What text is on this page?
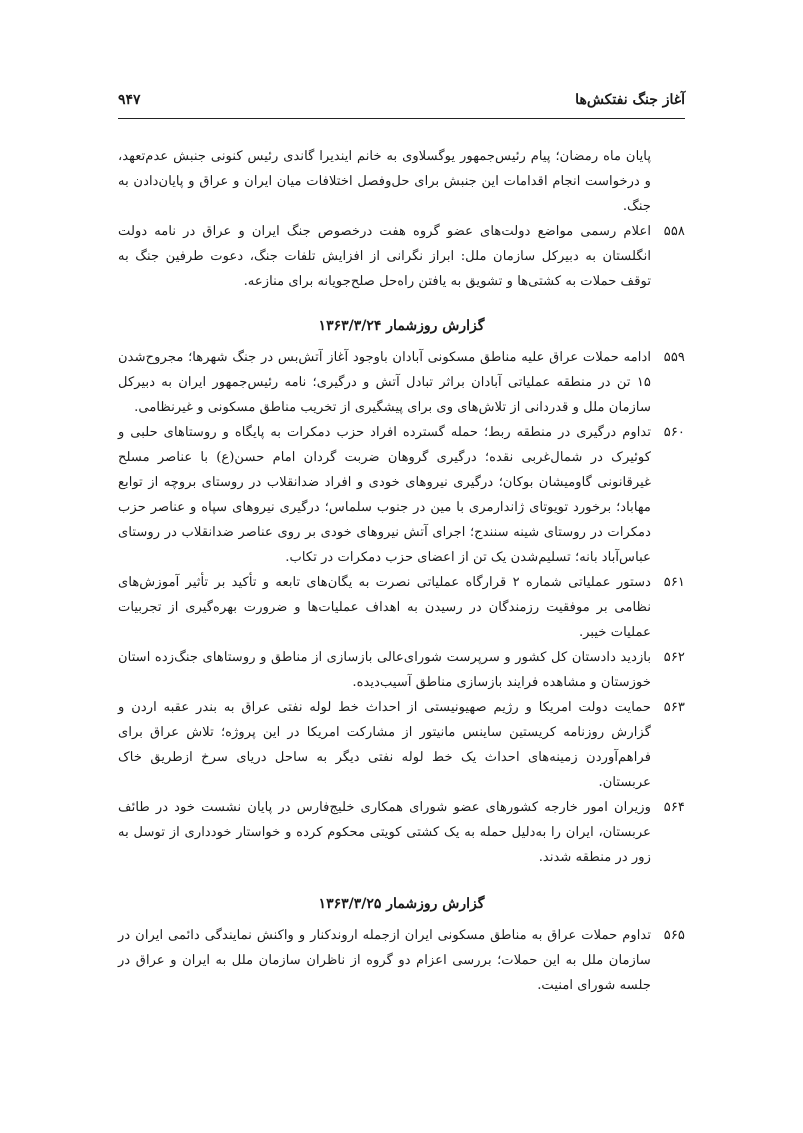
آغاز جنگ نفتکش‌ها
۹۴۷

پایان ماه رمضان؛ پیام رئیس‌جمهور یوگسلاوی به خانم ایندیرا گاندی رئیس کنونی جنبش عدم‌تعهد، و درخواست انجام اقدامات این جنبش برای حل‌وفصل اختلافات میان ایران و عراق و پایان‌دادن به جنگ.

۵۵۸
اعلام رسمی مواضع دولت‌های عضو گروه هفت درخصوص جنگ ایران و عراق در نامه دولت انگلستان به دبیرکل سازمان ملل: ابراز نگرانی از افزایش تلفات جنگ، دعوت طرفین جنگ به توقف حملات به کشتی‌ها و تشویق به یافتن راه‌حل صلح‌جویانه برای منازعه.

گزارش روزشمار ۱۳۶۳/۳/۲۴

۵۵۹
ادامه حملات عراق علیه مناطق مسکونی آبادان باوجود آغاز آتش‌بس در جنگ شهرها؛ مجروح‌شدن ۱۵ تن در منطقه عملیاتی آبادان براثر تبادل آتش و درگیری؛ نامه رئیس‌جمهور ایران به دبیرکل سازمان ملل و قدردانی از تلاش‌های وی برای پیشگیری از تخریب مناطق مسکونی و غیرنظامی.

۵۶۰
تداوم درگیری در منطقه ربط؛ حمله گسترده افراد حزب دمکرات به پایگاه و روستاهای حلبی و کوئیرک در شمال‌غربی نقده؛ درگیری گروهان ضربت گردان امام حسن(ع) با عناصر مسلح غیرقانونی گاومیشان بوکان؛ درگیری نیروهای خودی و افراد ضدانقلاب در روستای بروچه از توابع مهاباد؛ برخورد تویوتای ژاندارمری با مین در جنوب سلماس؛ درگیری نیروهای سپاه و عناصر حزب دمکرات در روستای شینه سنندج؛ اجرای آتش نیروهای خودی بر روی عناصر ضدانقلاب در روستای عباس‌آباد بانه؛ تسلیم‌شدن یک تن از اعضای حزب دمکرات در تکاب.

۵۶۱
دستور عملیاتی شماره ۲ قرارگاه عملیاتی نصرت به یگان‌های تابعه و تأکید بر تأثیر آموزش‌های نظامی بر موفقیت رزمندگان در رسیدن به اهداف عملیات‌ها و ضرورت بهره‌گیری از تجربیات عملیات خیبر.

۵۶۲
بازدید دادستان کل کشور و سرپرست شورای‌عالی بازسازی از مناطق و روستاهای جنگ‌زده استان خوزستان و مشاهده فرایند بازسازی مناطق آسیب‌دیده.

۵۶۳
حمایت دولت امریکا و رژیم صهیونیستی از احداث خط لوله نفتی عراق به بندر عقبه اردن و گزارش روزنامه کریستین ساینس مانیتور از مشارکت امریکا در این پروژه؛ تلاش عراق برای فراهم‌آوردن زمینه‌های احداث یک خط لوله نفتی دیگر به ساحل دریای سرخ ازطریق خاک عربستان.

۵۶۴
وزیران امور خارجه کشورهای عضو شورای همکاری خلیج‌فارس در پایان نشست خود در طائف عربستان، ایران را به‌دلیل حمله به یک کشتی کویتی محکوم کرده و خواستار خودداری از توسل به زور در منطقه شدند.

گزارش روزشمار ۱۳۶۳/۳/۲۵

۵۶۵
تداوم حملات عراق به مناطق مسکونی ایران ازجمله اروندکنار و واکنش نمایندگی دائمی ایران در سازمان ملل به این حملات؛ بررسی اعزام دو گروه از ناظران سازمان ملل به ایران و عراق در جلسه شورای امنیت.
